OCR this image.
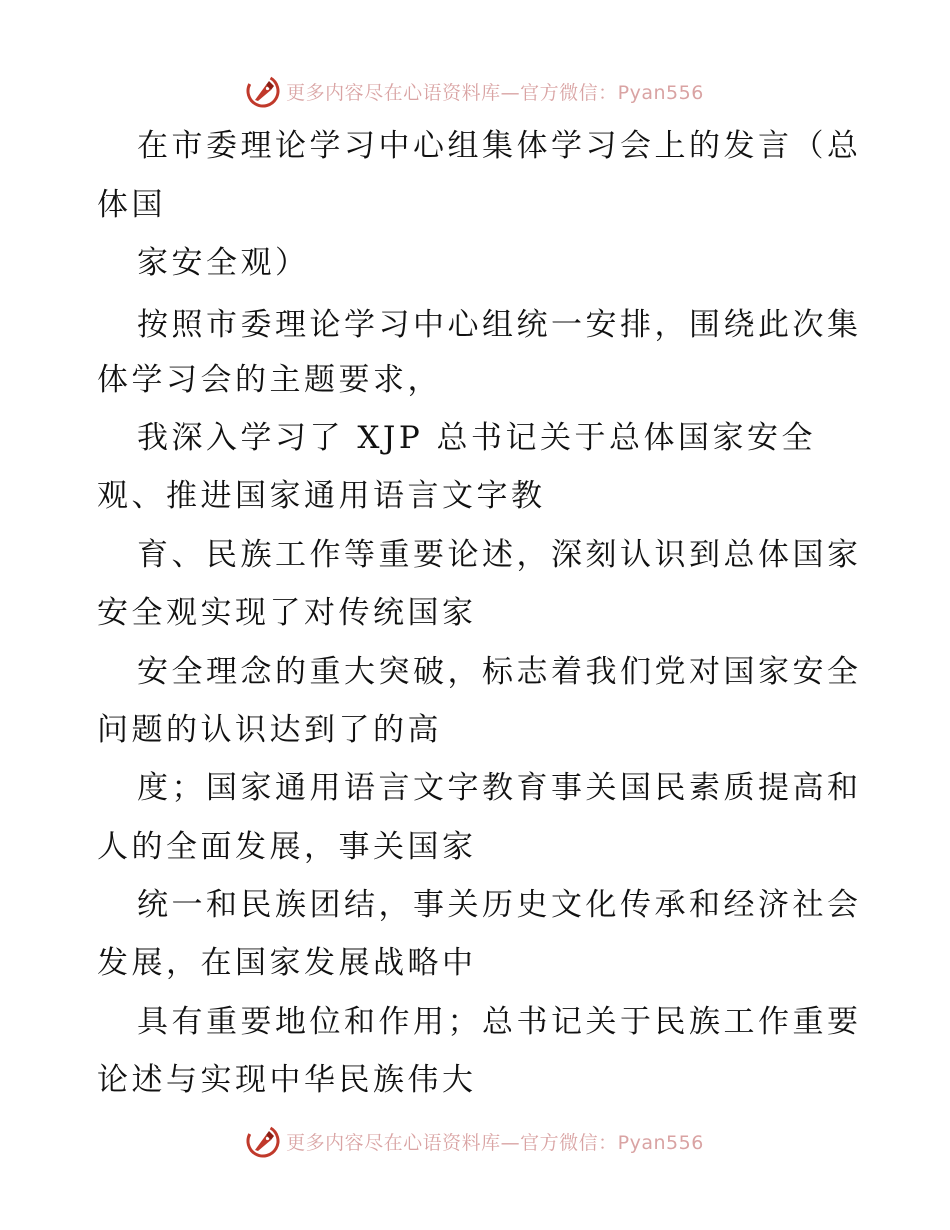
更多内容尽在心语资料库—官方微信：Pyan556

在市委理论学习中心组集体学习会上的发言（总

体国

家安全观）

按照市委理论学习中心组统一安排，围绕此次集

体学习会的主题要求，

我深入学习了 XJP 总书记关于总体国家安全

观、推进国家通用语言文字教

育、民族工作等重要论述，深刻认识到总体国家

安全观实现了对传统国家

安全理念的重大突破，标志着我们党对国家安全

问题的认识达到了的高

度；国家通用语言文字教育事关国民素质提高和

人的全面发展，事关国家

统一和民族团结，事关历史文化传承和经济社会

发展，在国家发展战略中

具有重要地位和作用；总书记关于民族工作重要

论述与实现中华民族伟大

更多内容尽在心语资料库—官方微信：Pyan556
